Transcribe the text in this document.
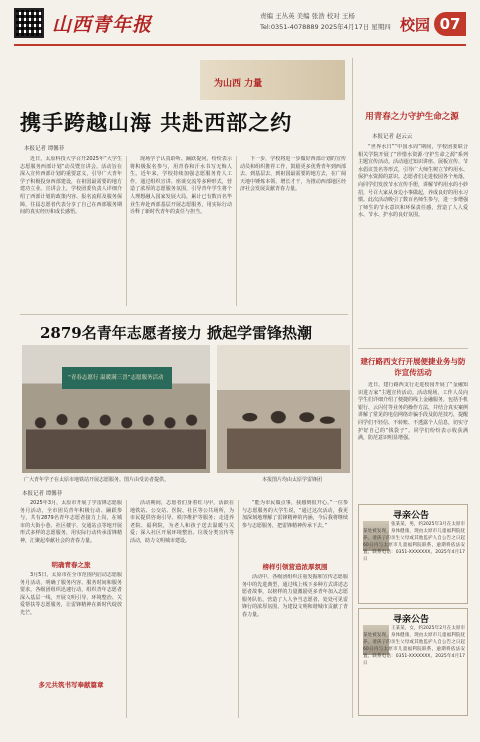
山西青年报	责编 王丛英 美编 张浩 校对 王杨
Tel:0351-4078889 2025年4月17日 星期四 校园 07
为山西 力量
携手跨越山海 共赴西部之约
本报记者 谭馨菲

近日，太原科技大学召开2025年“大学生志愿服务西部计划”动员暨宣讲会。活动旨在深入宣传西部计划的重要意义，引导广大青年学子积极投身西部建设，在祖国最需要的地方建功立业。宣讲会上，学校团委负责人详细介绍了西部计划的政策内容、报名流程及服务保障，往届志愿者代表分享了自己在西部服务期间的真实经历和成长感悟。

现场学子认真聆听、踊跃提问，纷纷表示将积极报名参与，用青春和汗水书写无悔人生。近年来，学校持续加强志愿服务育人工作，通过组织宣讲、座谈交流等多种形式，营造了浓厚的志愿服务氛围，引导青年学生将个人理想融入国家发展大局，累计已有数百名毕业生奔赴西部基层开展志愿服务，用实际行动诠释了新时代青年的责任与担当。

下一步，学校将进一步做好西部计划的宣传动员和组织推荐工作，鼓励更多优秀青年到西部去、到基层去、到祖国最需要的地方去，在广阔天地中锤炼本领、增长才干，为推动西部地区经济社会发展贡献青春力量。

用青春之力守护生命之源
本报记者 赵云云

“世界水日”“中国水周”期间，学校团委联合相关学院开展了“珍惜水资源·守护生命之源”系列主题宣传活动。活动通过知识讲座、展板宣传、节水倡议签名等形式，引导广大师生树立节约用水、保护水资源的意识。志愿者们走进校园各个角落，向同学们发放节水宣传手册，讲解节约用水的小妙招，号召大家从身边小事做起，养成良好的用水习惯。此次活动吸引了数百名师生参与，进一步增强了师生的节水意识和环保责任感，营造了人人爱水、节水、护水的良好氛围。

建行路西支行开展便捷业务与防诈宣传活动

近日，建行路西支行走进校园开展了“金融知识进万家”主题宣传活动。活动现场，工作人员向学生们详细介绍了便捷的线上金融服务，包括手机银行、云闪付等业务的操作方法，并结合真实案例讲解了常见的电信网络诈骗手段及防范技巧，提醒同学们不轻信、不转账、不透露个人信息，切实守护好自己的“钱袋子”。同学们纷纷表示收获满满，防范意识明显增强。

寻亲公告
张某某，男，约2025年3月在太原市某处被发现，身体健康，现由太原市儿童福利院抚养。请孩子的亲生父母或其他监护人自公告之日起60日内与太原市儿童福利院联系，逾期将依法安置。联系电话：0351-XXXXXXX。2025年4月17日
寻亲公告
王某某，女，约2025年2月在太原市某处被发现，身体健康，现由太原市儿童福利院抚养。请孩子的亲生父母或其他监护人自公告之日起60日内与太原市儿童福利院联系，逾期将依法安置。联系电话：0351-XXXXXXX。2025年4月17日
2879名青年志愿者接力 掀起学雷锋热潮
“青春志愿行 温暖满三晋”志愿服务活动
广大青年学子在太原市地铁站开展志愿服务。图片由受访者提供。	本报图片均由太原学雷锋团
本报记者 谭馨菲

2025年3月，太原市开展了学雷锋志愿服务月活动，全市团员青年积极行动、踊跃参与，共有2879名青年志愿者接力上岗，在城市的大街小巷、社区楼宇、交通站点等地开展形式多样的志愿服务，用实际行动传承雷锋精神，汇聚起奉献社会的青春力量。

明确青春之旅

3月5日，太原市在全市范围内启动志愿服务月活动，明确了服务内容、服务时间和服务要求，各级团组织迅速行动，组织青年志愿者深入基层一线，开展文明引导、环境整治、关爱帮扶等志愿服务，让雷锋精神在新时代绽放光芒。

多元共筑书写奉献篇章

活动期间，志愿者们身着红马甲，活跃在地铁站、公交站、医院、社区等公共场所，为市民提供咨询引导、秩序维护等服务；走进养老院、福利院，为老人和孩子送去温暖与关爱；深入社区开展环境整治、垃圾分类宣传等活动，助力文明城市建设。

“能为市民做点事，我感到很开心。”一位参与志愿服务的大学生说，“通过这次活动，我更加深刻地理解了雷锋精神的内涵，今后我将继续参与志愿服务，把雷锋精神传承下去。”

榜样引领营造浓厚氛围

活动中，各级团组织注重发掘和宣传志愿服务中的先进典型，通过线上线下多种方式讲述志愿者故事，以榜样的力量激励更多青年加入志愿服务队伍，营造了人人争当志愿者、处处可见雷锋行的浓厚氛围，为建设文明和谐城市贡献了青春力量。
